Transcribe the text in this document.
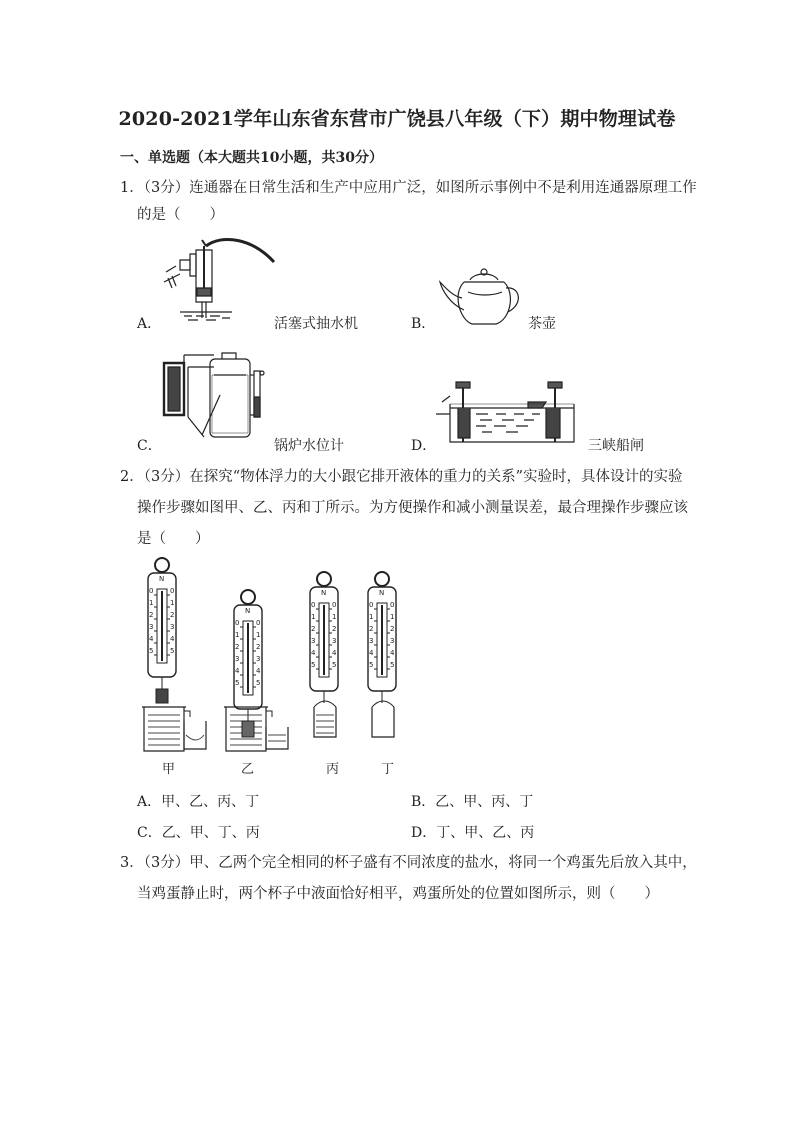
2020-2021学年山东省东营市广饶县八年级（下）期中物理试卷
一、单选题（本大题共10小题，共30分）
1．（3分）连通器在日常生活和生产中应用广泛，如图所示事例中不是利用连通器原理工作
的是（　　）
A．	活塞式抽水机	B．	茶壶
C．	锅炉水位计	D．	三峡船闸
2．（3分）在探究“物体浮力的大小跟它排开液体的重力的关系”实验时，具体设计的实验
操作步骤如图甲、乙、丙和丁所示。为方便操作和减小测量误差，最合理操作步骤应该
是（　　）
甲	乙	丙	丁
A．甲、乙、丙、丁	B．乙、甲、丙、丁
C．乙、甲、丁、丙	D．丁、甲、乙、丙
3．（3分）甲、乙两个完全相同的杯子盛有不同浓度的盐水，将同一个鸡蛋先后放入其中，
当鸡蛋静止时，两个杯子中液面恰好相平，鸡蛋所处的位置如图所示，则（　　）
N
0 0
1 1
2 2
3 3
4 4
5 5
N
0 0
1 1
2 2
3 3
4 4
5 5
N
0 0
1 1
2 2
3 3
4 4
5 5
N
0 0
1 1
2 2
3 3
4 4
5 5
